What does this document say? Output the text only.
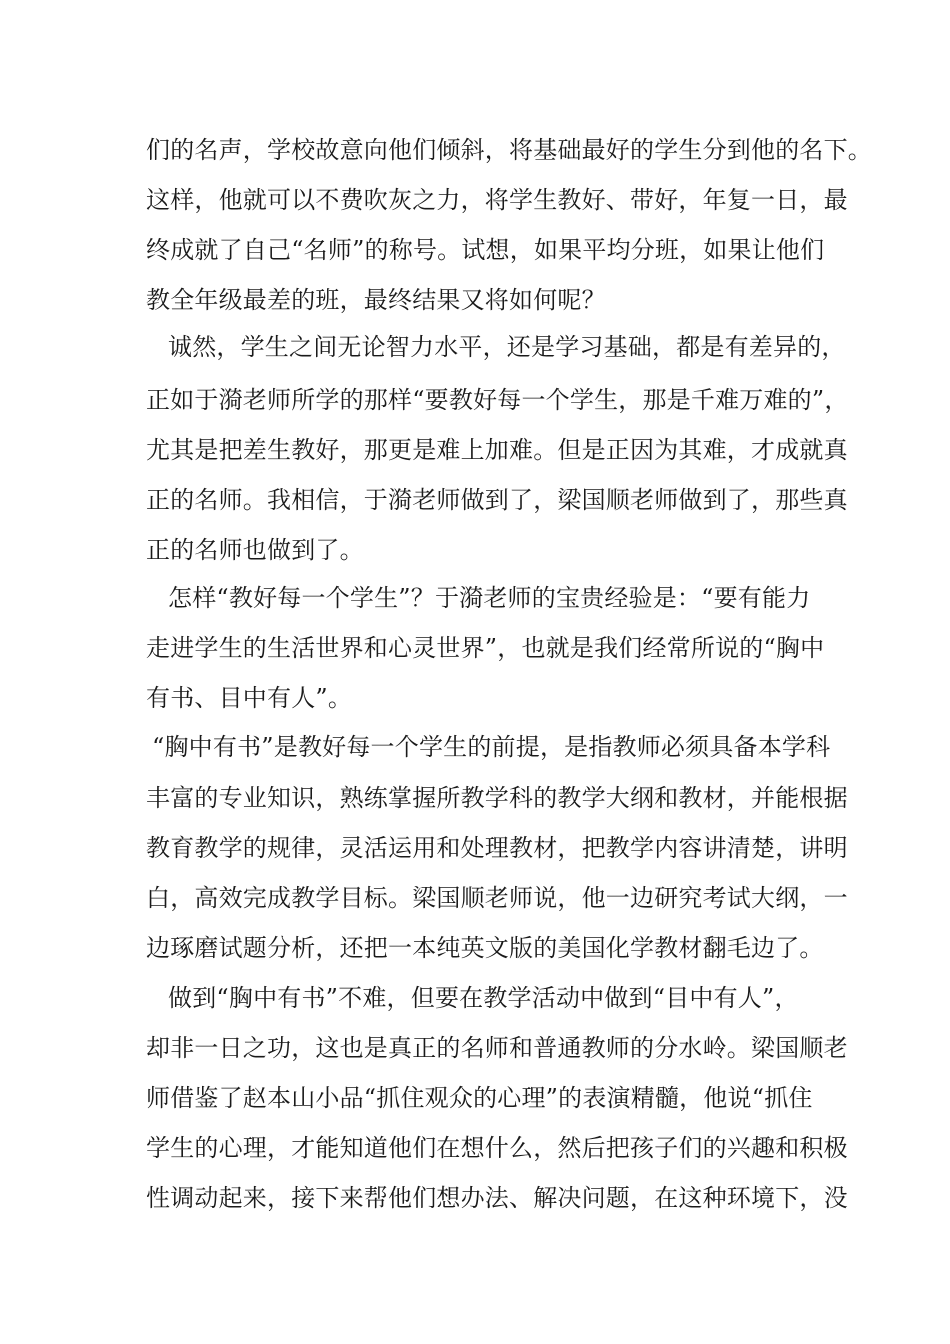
们的名声，学校故意向他们倾斜，将基础最好的学生分到他的名下。
这样，他就可以不费吹灰之力，将学生教好、带好，年复一日，最
终成就了自己“名师”的称号。试想，如果平均分班，如果让他们
教全年级最差的班，最终结果又将如何呢？
诚然，学生之间无论智力水平，还是学习基础，都是有差异的，
正如于漪老师所学的那样“要教好每一个学生，那是千难万难的”，
尤其是把差生教好，那更是难上加难。但是正因为其难，才成就真
正的名师。我相信，于漪老师做到了，梁国顺老师做到了，那些真
正的名师也做到了。
怎样“教好每一个学生”？于漪老师的宝贵经验是：“要有能力
走进学生的生活世界和心灵世界”，也就是我们经常所说的“胸中
有书、目中有人”。
“胸中有书”是教好每一个学生的前提，是指教师必须具备本学科
丰富的专业知识，熟练掌握所教学科的教学大纲和教材，并能根据
教育教学的规律，灵活运用和处理教材，把教学内容讲清楚，讲明
白，高效完成教学目标。梁国顺老师说，他一边研究考试大纲，一
边琢磨试题分析，还把一本纯英文版的美国化学教材翻毛边了。
做到“胸中有书”不难，但要在教学活动中做到“目中有人”，
却非一日之功，这也是真正的名师和普通教师的分水岭。梁国顺老
师借鉴了赵本山小品“抓住观众的心理”的表演精髓，他说“抓住
学生的心理，才能知道他们在想什么，然后把孩子们的兴趣和积极
性调动起来，接下来帮他们想办法、解决问题，在这种环境下，没
